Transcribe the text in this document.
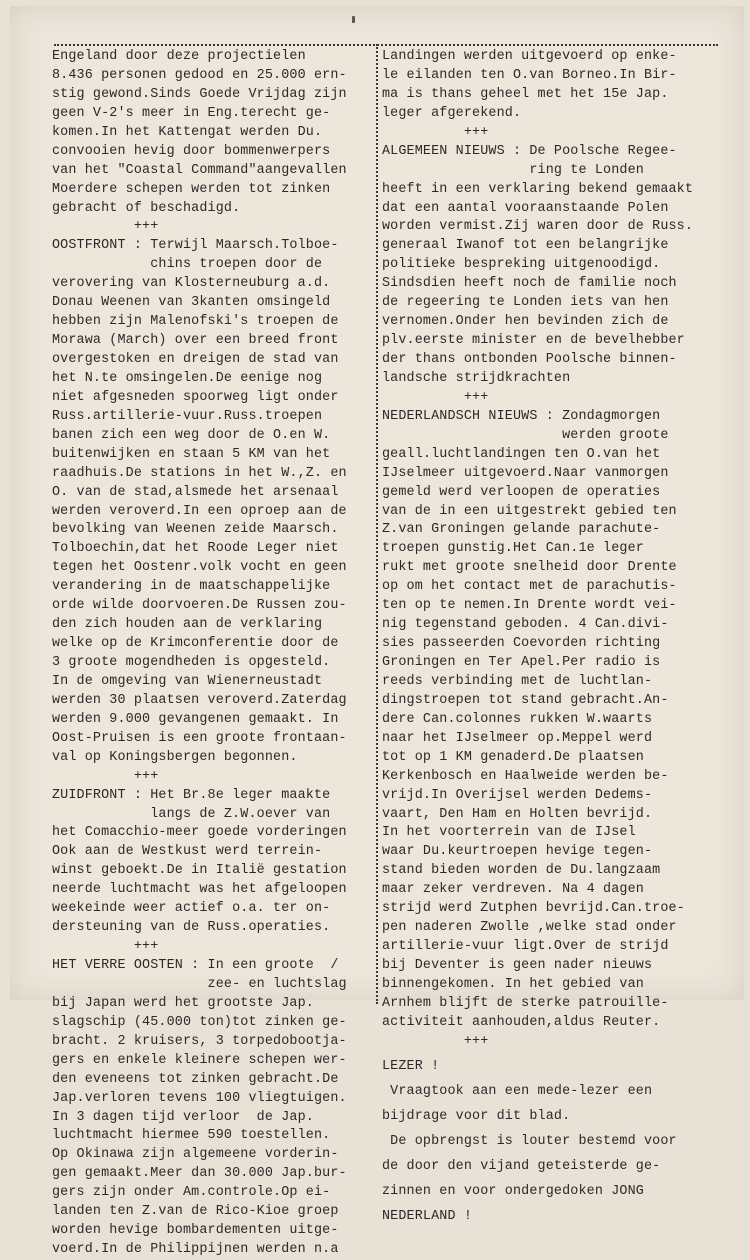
Engeland door deze projectielen
8.436 personen gedood en 25.000 ern-
stig gewond.Sinds Goede Vrijdag zijn
geen V-2's meer in Eng.terecht ge-
komen.In het Kattengat werden Du.
convooien hevig door bommenwerpers
van het "Coastal Command"aangevallen
Moerdere schepen werden tot zinken
gebracht of beschadigd.
+++
OOSTFRONT : Terwijl Maarsch.Tolboe-
chins troepen door de
verovering van Klosterneuburg a.d.
Donau Weenen van 3kanten omsingeld
hebben zijn Malenofski's troepen de
Morawa (March) over een breed front
overgestoken en dreigen de stad van
het N.te omsingelen.De eenige nog
niet afgesneden spoorweg ligt onder
Russ.artillerie-vuur.Russ.troepen
banen zich een weg door de O.en W.
buitenwijken en staan 5 KM van het
raadhuis.De stations in het W.,Z. en
O. van de stad,alsmede het arsenaal
werden veroverd.In een oproep aan de
bevolking van Weenen zeide Maarsch.
Tolboechin,dat het Roode Leger niet
tegen het Oostenr.volk vocht en geen
verandering in de maatschappelijke
orde wilde doorvoeren.De Russen zou-
den zich houden aan de verklaring
welke op de Krimconferentie door de
3 groote mogendheden is opgesteld.
In de omgeving van Wienerneustadt
werden 30 plaatsen veroverd.Zaterdag
werden 9.000 gevangenen gemaakt. In
Oost-Pruisen is een groote frontaan-
val op Koningsbergen begonnen.
+++
ZUIDFRONT : Het Br.8e leger maakte
langs de Z.W.oever van
het Comacchio-meer goede vorderingen
Ook aan de Westkust werd terrein-
winst geboekt.De in Italië gestation
neerde luchtmacht was het afgeloopen
weekeinde weer actief o.a. ter on-
dersteuning van de Russ.operaties.
+++
HET VERRE OOSTEN : In een groote  /
zee- en luchtslag
bij Japan werd het grootste Jap.
slagschip (45.000 ton)tot zinken ge-
bracht. 2 kruisers, 3 torpedobootja-
gers en enkele kleinere schepen wer-
den eveneens tot zinken gebracht.De
Jap.verloren tevens 100 vliegtuigen.
In 3 dagen tijd verloor  de Jap.
luchtmacht hiermee 590 toestellen.
Op Okinawa zijn algemeene vorderin-
gen gemaakt.Meer dan 30.000 Jap.bur-
gers zijn onder Am.controle.Op ei-
landen ten Z.van de Rico-Kioe groep
worden hevige bombardementen uitge-
voerd.In de Philippijnen werden n.a
Landingen werden uitgevoerd op enke-
le eilanden ten O.van Borneo.In Bir-
ma is thans geheel met het 15e Jap.
leger afgerekend.
+++
ALGEMEEN NIEUWS : De Poolsche Regee-
ring te Londen
heeft in een verklaring bekend gemaakt
dat een aantal vooraanstaande Polen
worden vermist.Zij waren door de Russ.
generaal Iwanof tot een belangrijke
politieke bespreking uitgenoodigd.
Sindsdien heeft noch de familie noch
de regeering te Londen iets van hen
vernomen.Onder hen bevinden zich de
plv.eerste minister en de bevelhebber
der thans ontbonden Poolsche binnen-
landsche strijdkrachten
+++
NEDERLANDSCH NIEUWS : Zondagmorgen
werden groote
geall.luchtlandingen ten O.van het
IJselmeer uitgevoerd.Naar vanmorgen
gemeld werd verloopen de operaties
van de in een uitgestrekt gebied ten
Z.van Groningen gelande parachute-
troepen gunstig.Het Can.1e leger
rukt met groote snelheid door Drente
op om het contact met de parachutis-
ten op te nemen.In Drente wordt vei-
nig tegenstand geboden. 4 Can.divi-
sies passeerden Coevorden richting
Groningen en Ter Apel.Per radio is
reeds verbinding met de luchtlan-
dingstroepen tot stand gebracht.An-
dere Can.colonnes rukken W.waarts
naar het IJselmeer op.Meppel werd
tot op 1 KM genaderd.De plaatsen
Kerkenbosch en Haalweide werden be-
vrijd.In Overijsel werden Dedems-
vaart, Den Ham en Holten bevrijd.
In het voorterrein van de IJsel
waar Du.keurtroepen hevige tegen-
stand bieden worden de Du.langzaam
maar zeker verdreven. Na 4 dagen
strijd werd Zutphen bevrijd.Can.troe-
pen naderen Zwolle ,welke stad onder
artillerie-vuur ligt.Over de strijd
bij Deventer is geen nader nieuws
binnengekomen. In het gebied van
Arnhem blijft de sterke patrouille-
activiteit aanhouden,aldus Reuter.
+++
LEZER !
Vraagtook aan een mede-lezer een
bijdrage voor dit blad.
De opbrengst is louter bestemd voor
de door den vijand geteisterde ge-
zinnen en voor ondergedoken JONG
NEDERLAND !
